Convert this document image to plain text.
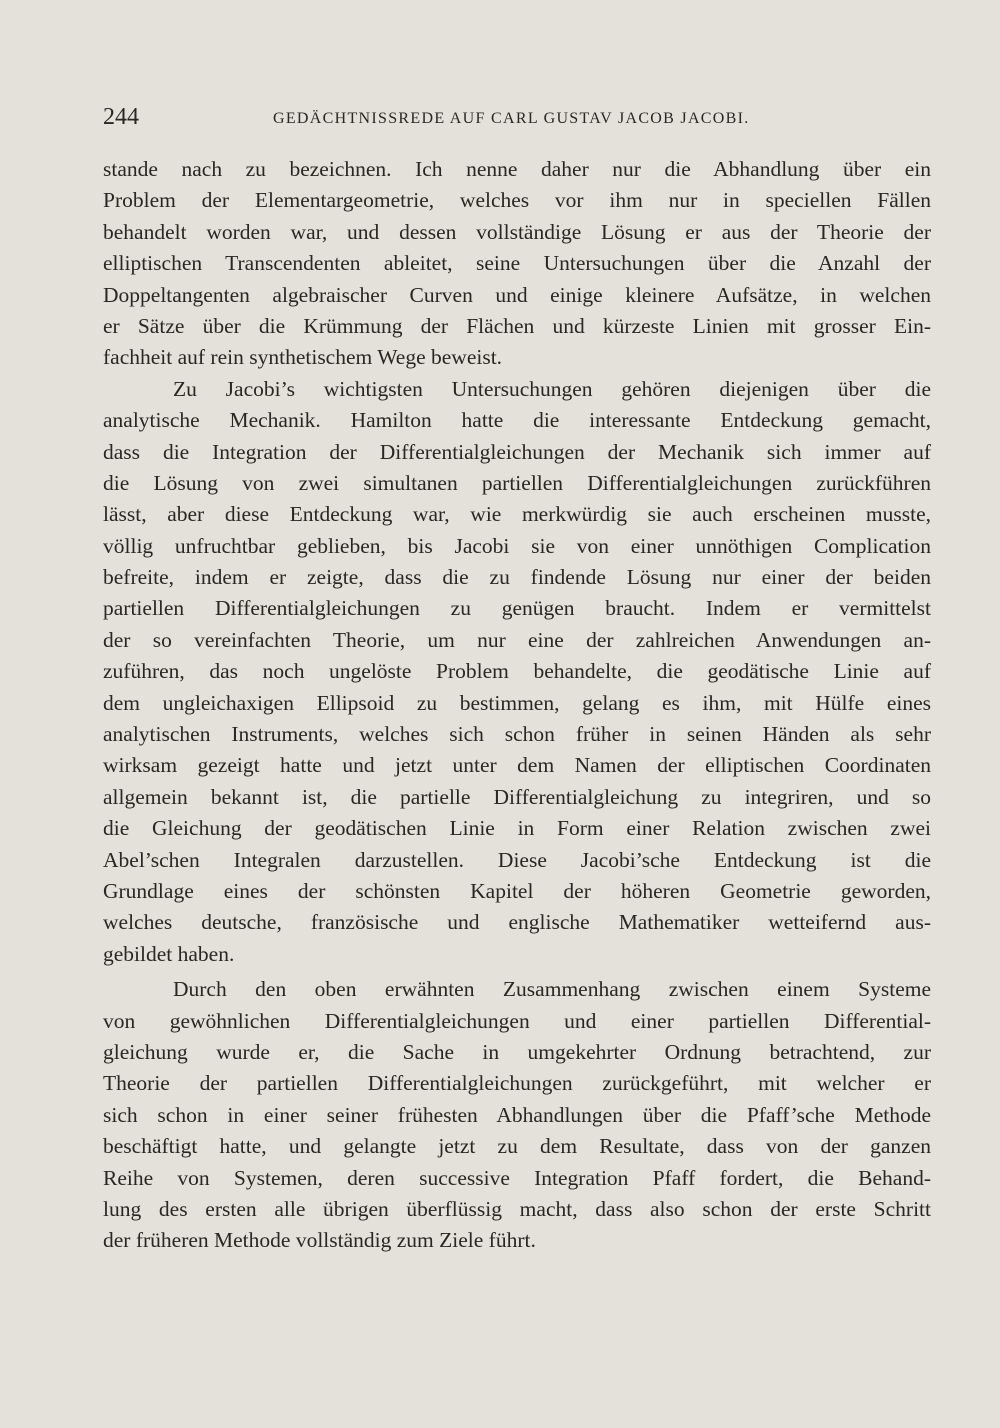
244	GEDÄCHTNISSREDE AUF CARL GUSTAV JACOB JACOBI.
stande nach zu bezeichnen. Ich nenne daher nur die Abhandlung über ein
Problem der Elementargeometrie, welches vor ihm nur in speciellen Fällen
behandelt worden war, und dessen vollständige Lösung er aus der Theorie der
elliptischen Transcendenten ableitet, seine Untersuchungen über die Anzahl der
Doppeltangenten algebraischer Curven und einige kleinere Aufsätze, in welchen
er Sätze über die Krümmung der Flächen und kürzeste Linien mit grosser Ein-
fachheit auf rein synthetischem Wege beweist.
Zu Jacobi’s wichtigsten Untersuchungen gehören diejenigen über die
analytische Mechanik. Hamilton hatte die interessante Entdeckung gemacht,
dass die Integration der Differentialgleichungen der Mechanik sich immer auf
die Lösung von zwei simultanen partiellen Differentialgleichungen zurückführen
lässt, aber diese Entdeckung war, wie merkwürdig sie auch erscheinen musste,
völlig unfruchtbar geblieben, bis Jacobi sie von einer unnöthigen Complication
befreite, indem er zeigte, dass die zu findende Lösung nur einer der beiden
partiellen Differentialgleichungen zu genügen braucht. Indem er vermittelst
der so vereinfachten Theorie, um nur eine der zahlreichen Anwendungen an-
zuführen, das noch ungelöste Problem behandelte, die geodätische Linie auf
dem ungleichaxigen Ellipsoid zu bestimmen, gelang es ihm, mit Hülfe eines
analytischen Instruments, welches sich schon früher in seinen Händen als sehr
wirksam gezeigt hatte und jetzt unter dem Namen der elliptischen Coordinaten
allgemein bekannt ist, die partielle Differentialgleichung zu integriren, und so
die Gleichung der geodätischen Linie in Form einer Relation zwischen zwei
Abel’schen Integralen darzustellen. Diese Jacobi’sche Entdeckung ist die
Grundlage eines der schönsten Kapitel der höheren Geometrie geworden,
welches deutsche, französische und englische Mathematiker wetteifernd aus-
gebildet haben.
Durch den oben erwähnten Zusammenhang zwischen einem Systeme
von gewöhnlichen Differentialgleichungen und einer partiellen Differential-
gleichung wurde er, die Sache in umgekehrter Ordnung betrachtend, zur
Theorie der partiellen Differentialgleichungen zurückgeführt, mit welcher er
sich schon in einer seiner frühesten Abhandlungen über die Pfaff’sche Methode
beschäftigt hatte, und gelangte jetzt zu dem Resultate, dass von der ganzen
Reihe von Systemen, deren successive Integration Pfaff fordert, die Behand-
lung des ersten alle übrigen überflüssig macht, dass also schon der erste Schritt
der früheren Methode vollständig zum Ziele führt.
